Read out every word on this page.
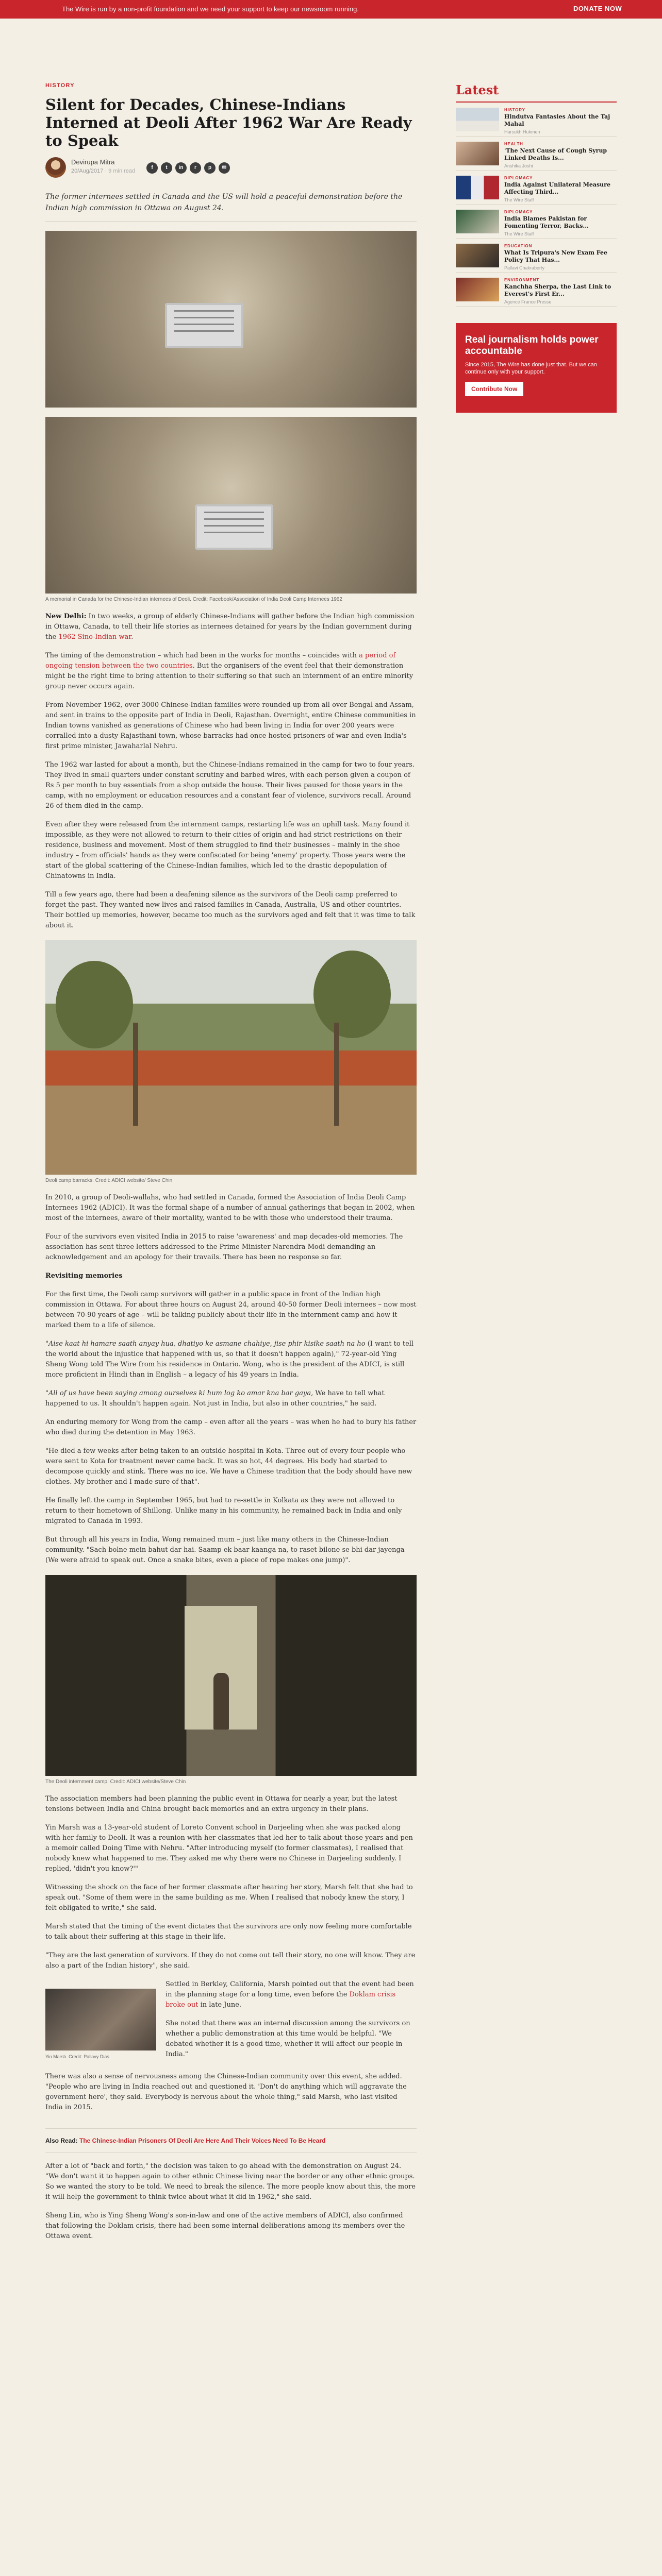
The Wire is run by a non-profit foundation and we need your support to keep our newsroom running.	DONATE NOW
HISTORY
Silent for Decades, Chinese-Indians Interned at Deoli After 1962 War Are Ready to Speak
Devirupa Mitra
20/Aug/2017 · 9 min read
f	t	in	r	p	✉

The former internees settled in Canada and the US will hold a peaceful demonstration before the Indian high commission in Ottawa on August 24.

A memorial in Canada for the Chinese-Indian internees of Deoli. Credit: Facebook/Association of India Deoli Camp Internees 1962

New Delhi: In two weeks, a group of elderly Chinese-Indians will gather before the Indian high commission in Ottawa, Canada, to tell their life stories as internees detained for years by the Indian government during the 1962 Sino-Indian war.

The timing of the demonstration – which had been in the works for months – coincides with a period of ongoing tension between the two countries. But the organisers of the event feel that their demonstration might be the right time to bring attention to their suffering so that such an internment of an entire minority group never occurs again.

From November 1962, over 3000 Chinese-Indian families were rounded up from all over Bengal and Assam, and sent in trains to the opposite part of India in Deoli, Rajasthan. Overnight, entire Chinese communities in Indian towns vanished as generations of Chinese who had been living in India for over 200 years were corralled into a dusty Rajasthani town, whose barracks had once hosted prisoners of war and even India's first prime minister, Jawaharlal Nehru.

The 1962 war lasted for about a month, but the Chinese-Indians remained in the camp for two to four years. They lived in small quarters under constant scrutiny and barbed wires, with each person given a coupon of Rs 5 per month to buy essentials from a shop outside the house. Their lives paused for those years in the camp, with no employment or education resources and a constant fear of violence, survivors recall. Around 26 of them died in the camp.

Even after they were released from the internment camps, restarting life was an uphill task. Many found it impossible, as they were not allowed to return to their cities of origin and had strict restrictions on their residence, business and movement. Most of them struggled to find their businesses – mainly in the shoe industry – from officials' hands as they were confiscated for being 'enemy' property. Those years were the start of the global scattering of the Chinese-Indian families, which led to the drastic depopulation of Chinatowns in India.

Till a few years ago, there had been a deafening silence as the survivors of the Deoli camp preferred to forget the past. They wanted new lives and raised families in Canada, Australia, US and other countries. Their bottled up memories, however, became too much as the survivors aged and felt that it was time to talk about it.

Deoli camp barracks. Credit: ADICI website/ Steve Chin

In 2010, a group of Deoli-wallahs, who had settled in Canada, formed the Association of India Deoli Camp Internees 1962 (ADICI). It was the formal shape of a number of annual gatherings that began in 2002, when most of the internees, aware of their mortality, wanted to be with those who understood their trauma.

Four of the survivors even visited India in 2015 to raise 'awareness' and map decades-old memories. The association has sent three letters addressed to the Prime Minister Narendra Modi demanding an acknowledgement and an apology for their travails. There has been no response so far.

Revisiting memories

For the first time, the Deoli camp survivors will gather in a public space in front of the Indian high commission in Ottawa. For about three hours on August 24, around 40-50 former Deoli internees – now most between 70-90 years of age – will be talking publicly about their life in the internment camp and how it marked them to a life of silence.

"Aise kaat hi hamare saath anyay hua, dhatiyo ke asmane chahiye, jise phir kisike saath na ho (I want to tell the world about the injustice that happened with us, so that it doesn't happen again)," 72-year-old Ying Sheng Wong told The Wire from his residence in Ontario. Wong, who is the president of the ADICI, is still more proficient in Hindi than in English – a legacy of his 49 years in India.

"All of us have been saying among ourselves ki hum log ko amar kna bar gaya, We have to tell what happened to us. It shouldn't happen again. Not just in India, but also in other countries," he said.

An enduring memory for Wong from the camp – even after all the years – was when he had to bury his father who died during the detention in May 1963.

"He died a few weeks after being taken to an outside hospital in Kota. Three out of every four people who were sent to Kota for treatment never came back. It was so hot, 44 degrees. His body had started to decompose quickly and stink. There was no ice. We have a Chinese tradition that the body should have new clothes. My brother and I made sure of that".

He finally left the camp in September 1965, but had to re-settle in Kolkata as they were not allowed to return to their hometown of Shillong. Unlike many in his community, he remained back in India and only migrated to Canada in 1993.

But through all his years in India, Wong remained mum – just like many others in the Chinese-Indian community. "Sach bolne mein bahut dar hai. Saamp ek baar kaanga na, to raset bilone se bhi dar jayenga (We were afraid to speak out. Once a snake bites, even a piece of rope makes one jump)".

The Deoli internment camp. Credit: ADICI website/Steve Chin

The association members had been planning the public event in Ottawa for nearly a year, but the latest tensions between India and China brought back memories and an extra urgency in their plans.

Yin Marsh was a 13-year-old student of Loreto Convent school in Darjeeling when she was packed along with her family to Deoli. It was a reunion with her classmates that led her to talk about those years and pen a memoir called Doing Time with Nehru. "After introducing myself (to former classmates), I realised that nobody knew what happened to me. They asked me why there were no Chinese in Darjeeling suddenly. I replied, 'didn't you know?'"

Witnessing the shock on the face of her former classmate after hearing her story, Marsh felt that she had to speak out. "Some of them were in the same building as me. When I realised that nobody knew the story, I felt obligated to write," she said.

Marsh stated that the timing of the event dictates that the survivors are only now feeling more comfortable to talk about their suffering at this stage in their life.

"They are the last generation of survivors. If they do not come out tell their story, no one will know. They are also a part of the Indian history", she said.

Yin Marsh. Credit: Pallavy Dias

Settled in Berkley, California, Marsh pointed out that the event had been in the planning stage for a long time, even before the Doklam crisis broke out in late June.

She noted that there was an internal discussion among the survivors on whether a public demonstration at this time would be helpful. "We debated whether it is a good time, whether it will affect our people in India."

There was also a sense of nervousness among the Chinese-Indian community over this event, she added. "People who are living in India reached out and questioned it. 'Don't do anything which will aggravate the government here', they said. Everybody is nervous about the whole thing," said Marsh, who last visited India in 2015.

Also Read: The Chinese-Indian Prisoners Of Deoli Are Here And Their Voices Need To Be Heard

After a lot of "back and forth," the decision was taken to go ahead with the demonstration on August 24. "We don't want it to happen again to other ethnic Chinese living near the border or any other ethnic groups. So we wanted the story to be told. We need to break the silence. The more people know about this, the more it will help the government to think twice about what it did in 1962," she said.

Sheng Lin, who is Ying Sheng Wong's son-in-law and one of the active members of ADICI, also confirmed that following the Doklam crisis, there had been some internal deliberations among its members over the Ottawa event.

Latest
HISTORY
Hindutva Fantasies About the Taj Mahal
Harsukh Hukmen
HEALTH
'The Next Cause of Cough Syrup Linked Deaths Is...
Anshika Joshi
DIPLOMACY
India Against Unilateral Measure Affecting Third...
The Wire Staff
DIPLOMACY
India Blames Pakistan for Fomenting Terror, Backs...
The Wire Staff
EDUCATION
What Is Tripura's New Exam Fee Policy That Has...
Pallavi Chakraborty
ENVIRONMENT
Kanchha Sherpa, the Last Link to Everest's First Er...
Agence France Presse
Real journalism holds power accountable
Since 2015, The Wire has done just that. But we can continue only with your support.
Contribute Now
